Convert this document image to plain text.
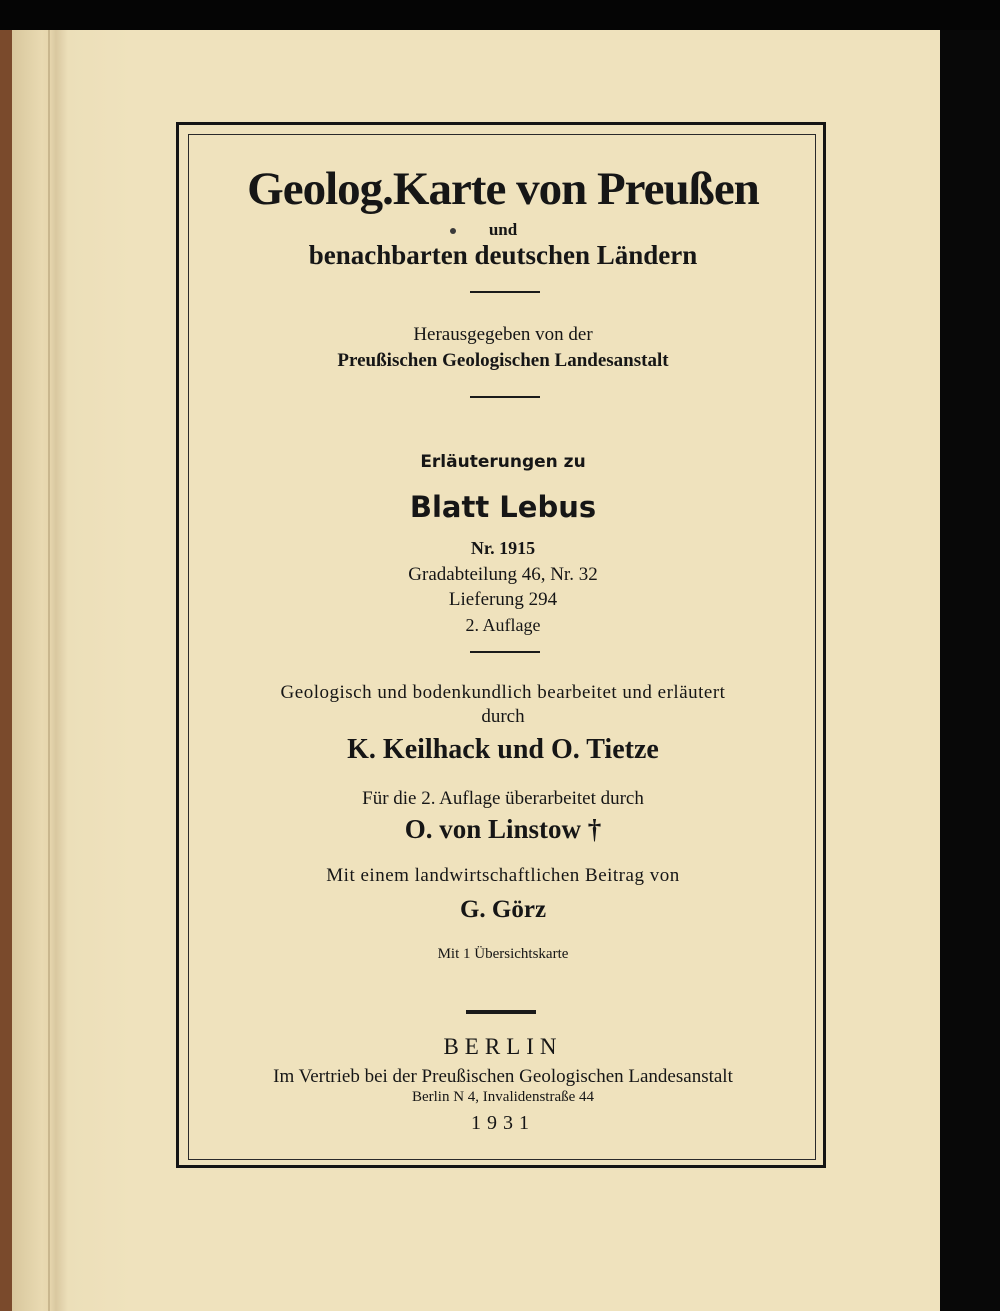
Geolog.Karte von Preußen
und
benachbarten deutschen Ländern
Herausgegeben von der
Preußischen Geologischen Landesanstalt
Erläuterungen zu
Blatt Lebus
Nr. 1915
Gradabteilung 46, Nr. 32
Lieferung 294
2. Auflage
Geologisch und bodenkundlich bearbeitet und erläutert
durch
K. Keilhack und O. Tietze
Für die 2. Auflage überarbeitet durch
O. von Linstow †
Mit einem landwirtschaftlichen Beitrag von
G. Görz
Mit 1 Übersichtskarte
BERLIN
Im Vertrieb bei der Preußischen Geologischen Landesanstalt
Berlin N 4, Invalidenstraße 44
1931
